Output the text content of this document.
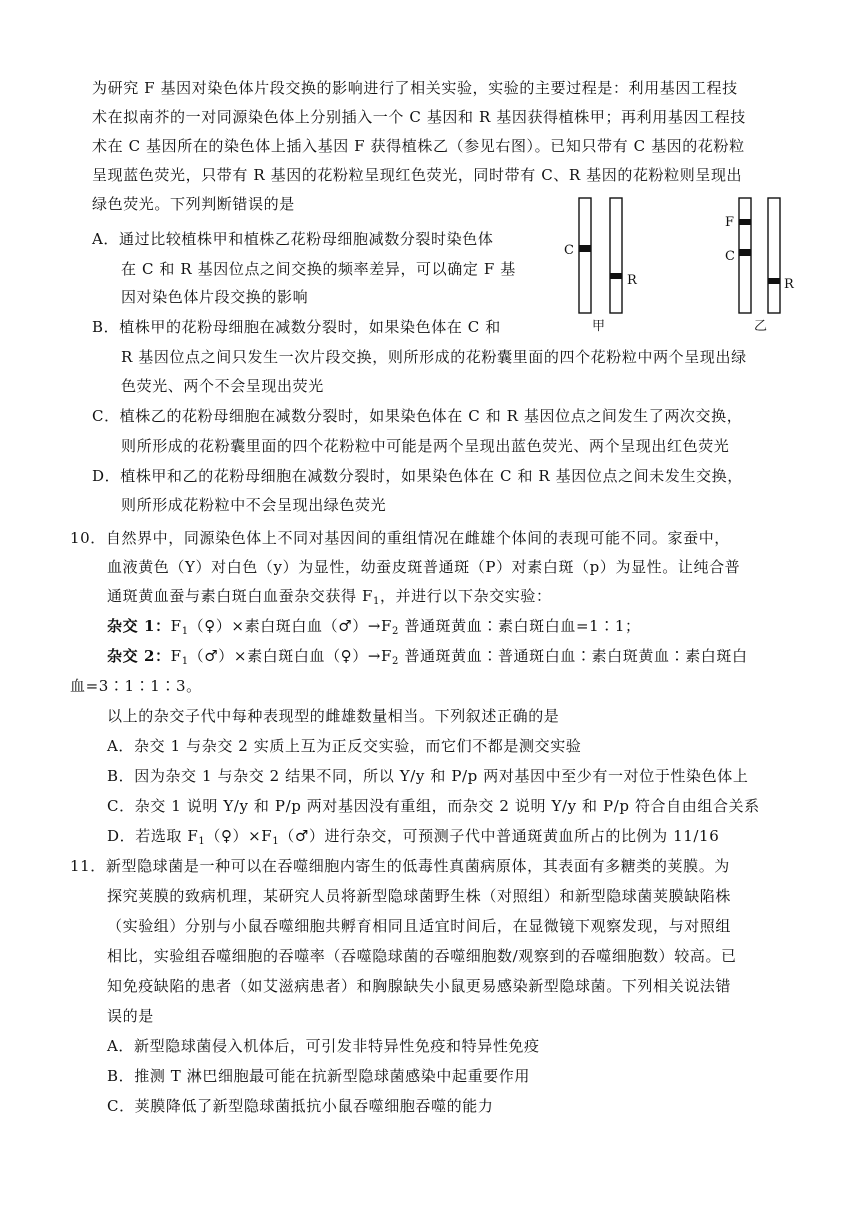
为研究 F 基因对染色体片段交换的影响进行了相关实验，实验的主要过程是：利用基因工程技
术在拟南芥的一对同源染色体上分别插入一个 C 基因和 R 基因获得植株甲；再利用基因工程技
术在 C 基因所在的染色体上插入基因 F 获得植株乙（参见右图）。已知只带有 C 基因的花粉粒
呈现蓝色荧光，只带有 R 基因的花粉粒呈现红色荧光，同时带有 C、R 基因的花粉粒则呈现出
绿色荧光。下列判断错误的是
A．通过比较植株甲和植株乙花粉母细胞减数分裂时染色体
在 C 和 R 基因位点之间交换的频率差异，可以确定 F 基
因对染色体片段交换的影响
B．植株甲的花粉母细胞在减数分裂时，如果染色体在 C 和
R 基因位点之间只发生一次片段交换，则所形成的花粉囊里面的四个花粉粒中两个呈现出绿
色荧光、两个不会呈现出荧光
C．植株乙的花粉母细胞在减数分裂时，如果染色体在 C 和 R 基因位点之间发生了两次交换，
则所形成的花粉囊里面的四个花粉粒中可能是两个呈现出蓝色荧光、两个呈现出红色荧光
D．植株甲和乙的花粉母细胞在减数分裂时，如果染色体在 C 和 R 基因位点之间未发生交换，
则所形成花粉粒中不会呈现出绿色荧光
C
R
甲
F
C
R
乙
10．自然界中，同源染色体上不同对基因间的重组情况在雌雄个体间的表现可能不同。家蚕中，
血液黄色（Y）对白色（y）为显性，幼蚕皮斑普通斑（P）对素白斑（p）为显性。让纯合普
通斑黄血蚕与素白斑白血蚕杂交获得 $F_1$，并进行以下杂交实验：
杂交 1：$F_1(♀)\times$素白斑白血$(♂)\to F_2$ 普通斑黄血∶素白斑白血=1∶1；
杂交 2：$F_1(♂)\times$素白斑白血$(♀)\to F_2$ 普通斑黄血∶普通斑白血∶素白斑黄血∶素白斑白
血=3∶1∶1∶3。
以上的杂交子代中每种表现型的雌雄数量相当。下列叙述正确的是
A．杂交 1 与杂交 2 实质上互为正反交实验，而它们不都是测交实验
B．因为杂交 1 与杂交 2 结果不同，所以 Y/y 和 P/p 两对基因中至少有一对位于性染色体上
C．杂交 1 说明 Y/y 和 P/p 两对基因没有重组，而杂交 2 说明 Y/y 和 P/p 符合自由组合关系
D．若选取 $F_1(♀)\times F_1(♂)$进行杂交，可预测子代中普通斑黄血所占的比例为 11/16
11．新型隐球菌是一种可以在吞噬细胞内寄生的低毒性真菌病原体，其表面有多糖类的荚膜。为
探究荚膜的致病机理，某研究人员将新型隐球菌野生株（对照组）和新型隐球菌荚膜缺陷株
（实验组）分别与小鼠吞噬细胞共孵育相同且适宜时间后，在显微镜下观察发现，与对照组
相比，实验组吞噬细胞的吞噬率（吞噬隐球菌的吞噬细胞数/观察到的吞噬细胞数）较高。已
知免疫缺陷的患者（如艾滋病患者）和胸腺缺失小鼠更易感染新型隐球菌。下列相关说法错
误的是
A．新型隐球菌侵入机体后，可引发非特异性免疫和特异性免疫
B．推测 T 淋巴细胞最可能在抗新型隐球菌感染中起重要作用
C．荚膜降低了新型隐球菌抵抗小鼠吞噬细胞吞噬的能力
